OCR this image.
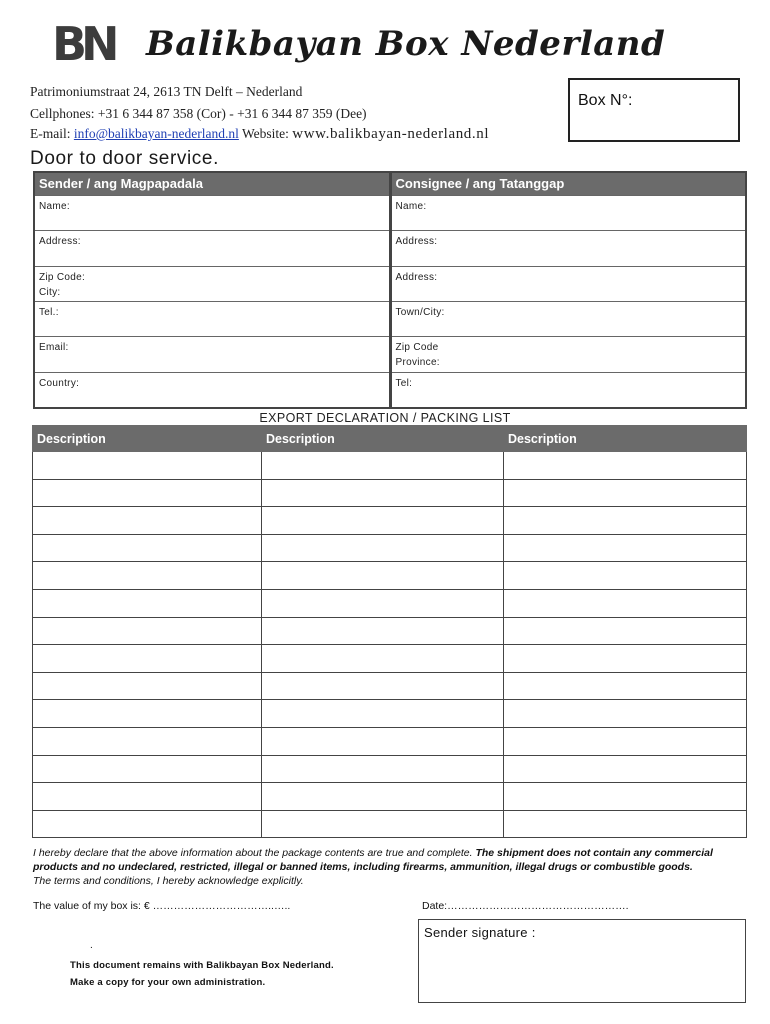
BN Balikbayan Box Nederland
Patrimoniumstraat 24, 2613 TN Delft – Nederland
Cellphones: +31 6 344 87 358 (Cor) - +31 6 344 87 359 (Dee)
E-mail: info@balikbayan-nederland.nl Website: www.balikbayan-nederland.nl
Box N°:
Door to door service.
Sender / ang Magpapadala
Name:
Address:
Zip Code:
City:
Tel.:
Email:
Country:
Consignee / ang Tatanggap
Name:
Address:
Address:
Town/City:
Zip Code
Province:
Tel:
EXPORT DECLARATION / PACKING LIST
Description	Description	Description

I hereby declare that the above information about the package contents are true and complete. The shipment does not contain any commercial products and no undeclared, restricted, illegal or banned items, including firearms, ammunition, illegal drugs or combustible goods.
The terms and conditions, I hereby acknowledge explicitly.
The value of my box is: € ……………………………..…..	Date:…………………………………………….
Sender signature :
.
This document remains with Balikbayan Box Nederland.
Make a copy for your own administration.
